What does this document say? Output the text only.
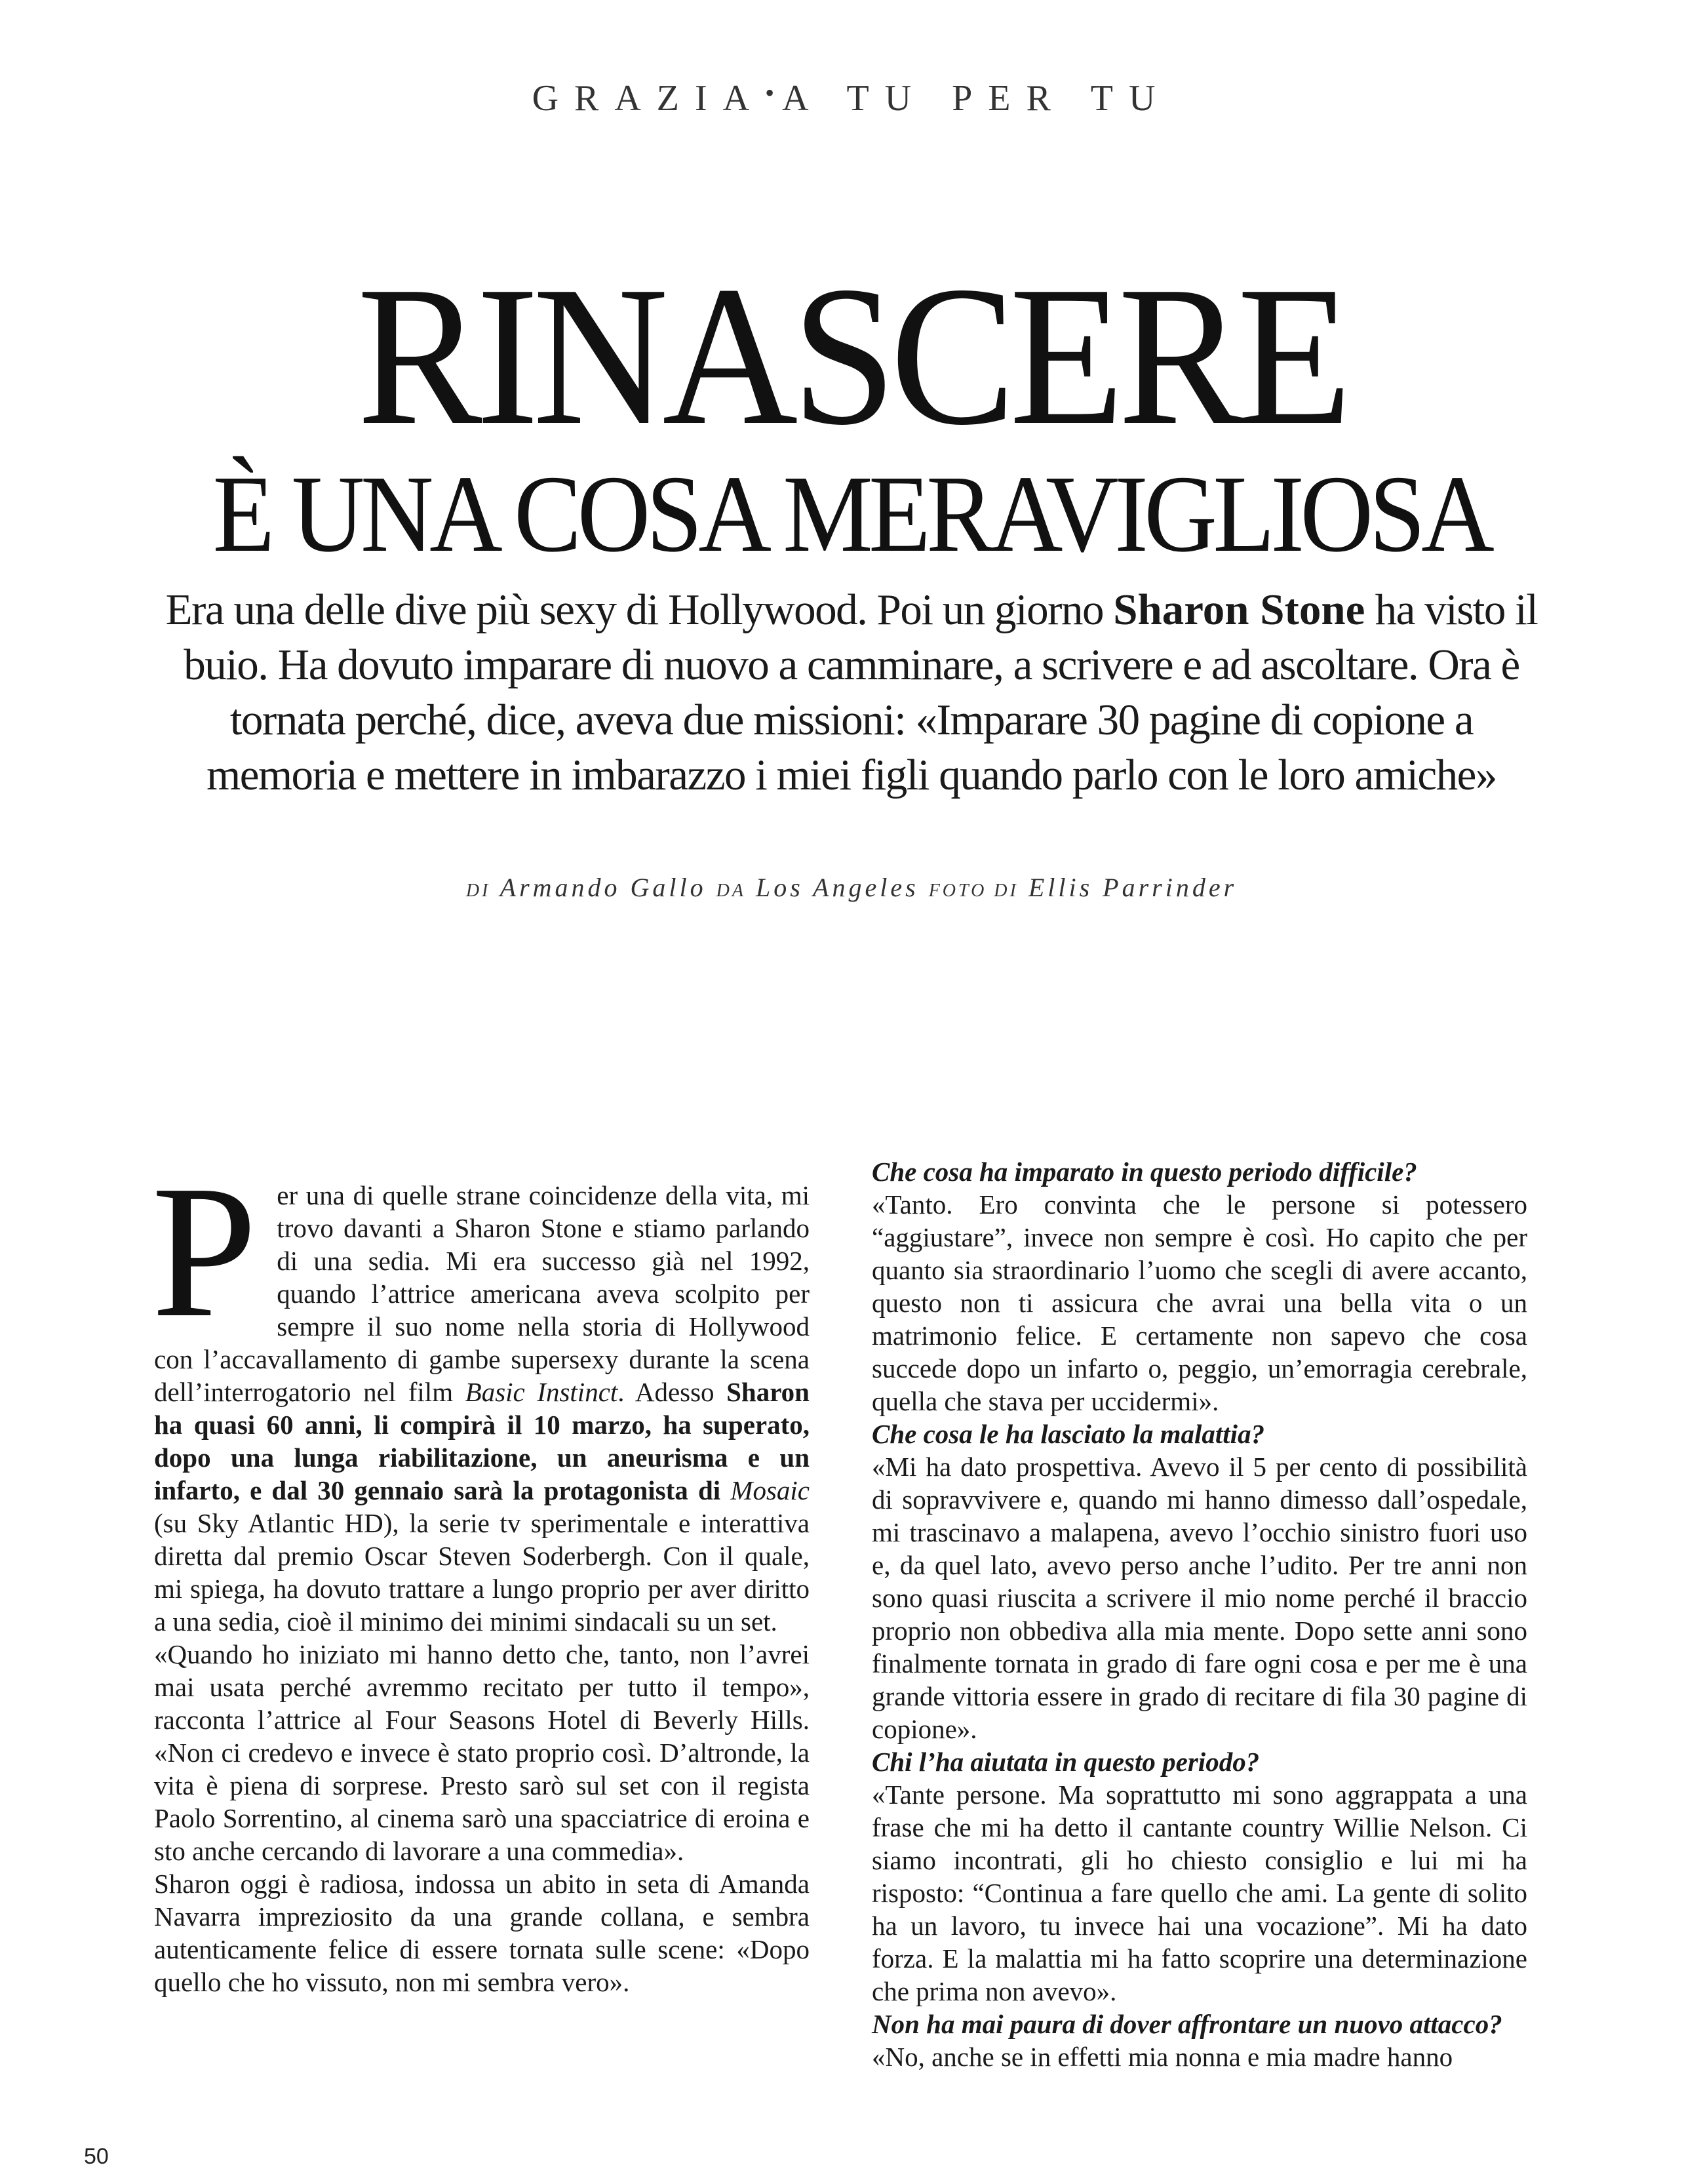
GRAZIA•A TU PER TU
RINASCERE
È UNA COSA MERAVIGLIOSA
Era una delle dive più sexy di Hollywood. Poi un giorno Sharon Stone ha visto il buio. Ha dovuto imparare di nuovo a camminare, a scrivere e ad ascoltare. Ora è tornata perché, dice, aveva due missioni: «Imparare 30 pagine di copione a memoria e mettere in imbarazzo i miei figli quando parlo con le loro amiche»
DI Armando Gallo DA Los Angeles FOTO DI Ellis Parrinder

Per una di quelle strane coincidenze della vita, mi trovo davanti a Sharon Stone e stiamo parlando di una sedia. Mi era successo già nel 1992, quando l’attrice americana aveva scolpito per sempre il suo nome nella storia di Hollywood con l’accavallamento di gambe supersexy durante la scena dell’interrogatorio nel film Basic Instinct. Adesso Sharon ha quasi 60 anni, li compirà il 10 marzo, ha superato, dopo una lunga riabilitazione, un aneurisma e un infarto, e dal 30 gennaio sarà la protagonista di Mosaic (su Sky Atlantic HD), la serie tv sperimentale e interattiva diretta dal premio Oscar Steven Soderbergh. Con il quale, mi spiega, ha dovuto trattare a lungo proprio per aver diritto a una sedia, cioè il minimo dei minimi sindacali su un set.

«Quando ho iniziato mi hanno detto che, tanto, non l’avrei mai usata perché avremmo recitato per tutto il tempo», racconta l’attrice al Four Seasons Hotel di Beverly Hills. «Non ci credevo e invece è stato proprio così. D’altronde, la vita è piena di sorprese. Presto sarò sul set con il regista Paolo Sorrentino, al cinema sarò una spacciatrice di eroina e sto anche cercando di lavorare a una commedia».

Sharon oggi è radiosa, indossa un abito in seta di Amanda Navarra impreziosito da una grande collana, e sembra autenticamente felice di essere tornata sulle scene: «Dopo quello che ho vissuto, non mi sembra vero».

Che cosa ha imparato in questo periodo difficile?

«Tanto. Ero convinta che le persone si potessero “aggiustare”, invece non sempre è così. Ho capito che per quanto sia straordinario l’uomo che scegli di avere accanto, questo non ti assicura che avrai una bella vita o un matrimonio felice. E certamente non sapevo che cosa succede dopo un infarto o, peggio, un’emorragia cerebrale, quella che stava per uccidermi».

Che cosa le ha lasciato la malattia?

«Mi ha dato prospettiva. Avevo il 5 per cento di possibilità di sopravvivere e, quando mi hanno dimesso dall’ospedale, mi trascinavo a malapena, avevo l’occhio sinistro fuori uso e, da quel lato, avevo perso anche l’udito. Per tre anni non sono quasi riuscita a scrivere il mio nome perché il braccio proprio non obbediva alla mia mente. Dopo sette anni sono finalmente tornata in grado di fare ogni cosa e per me è una grande vittoria essere in grado di recitare di fila 30 pagine di copione».

Chi l’ha aiutata in questo periodo?

«Tante persone. Ma soprattutto mi sono aggrappata a una frase che mi ha detto il cantante country Willie Nelson. Ci siamo incontrati, gli ho chiesto consiglio e lui mi ha risposto: “Continua a fare quello che ami. La gente di solito ha un lavoro, tu invece hai una vocazione”. Mi ha dato forza. E la malattia mi ha fatto scoprire una determinazione che prima non avevo».

Non ha mai paura di dover affrontare un nuovo attacco?

«No, anche se in effetti mia nonna e mia madre hanno

50
